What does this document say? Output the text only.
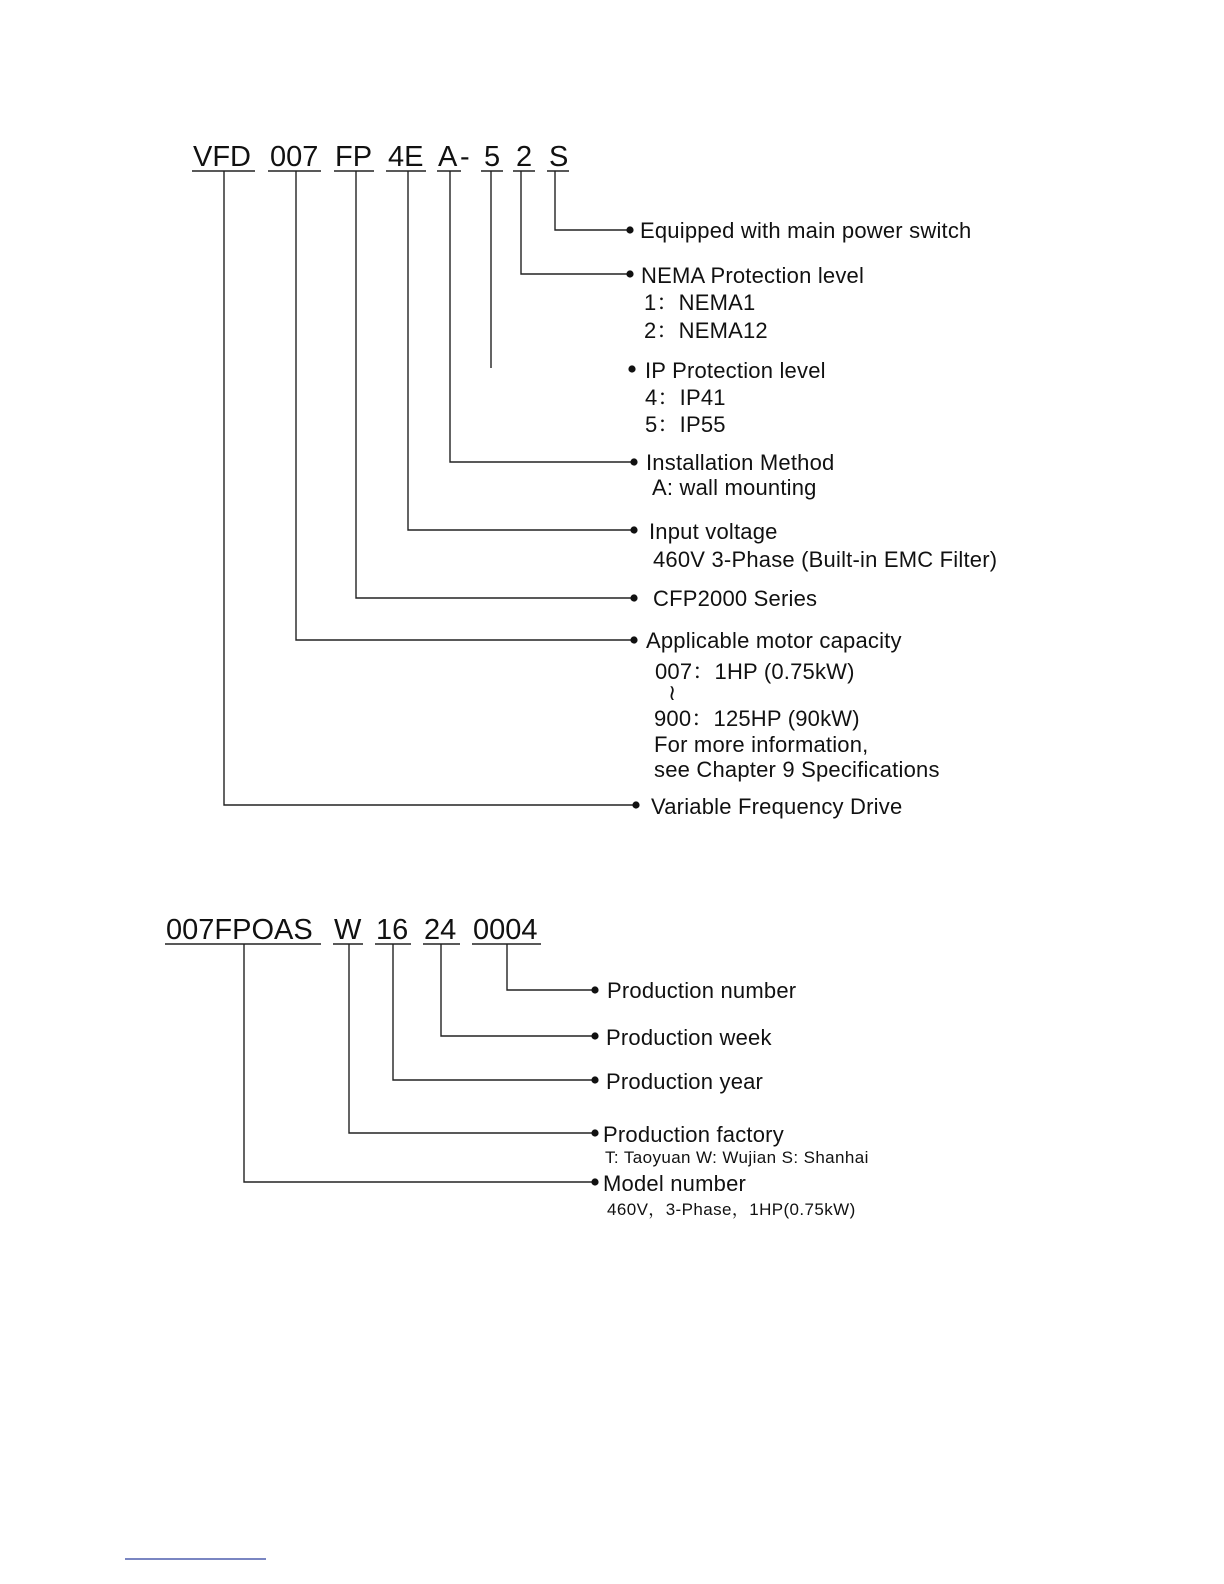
VFD 007 FP 4E A - 5 2 S
Equipped with main power switch
NEMA Protection level
1：NEMA1
2：NEMA12
IP Protection level
4：IP41
5：IP55
Installation Method
A: wall mounting
Input voltage
460V 3-Phase (Built-in EMC Filter)
CFP2000 Series
Applicable motor capacity
007：1HP (0.75kW)
≀
900：125HP (90kW)
For more information,
see Chapter 9 Specifications
Variable Frequency Drive
007FPOAS W 16 24 0004
Production number
Production week
Production year
Production factory
T: Taoyuan W: Wujian S: Shanhai
Model number
460V，3-Phase，1HP(0.75kW)
